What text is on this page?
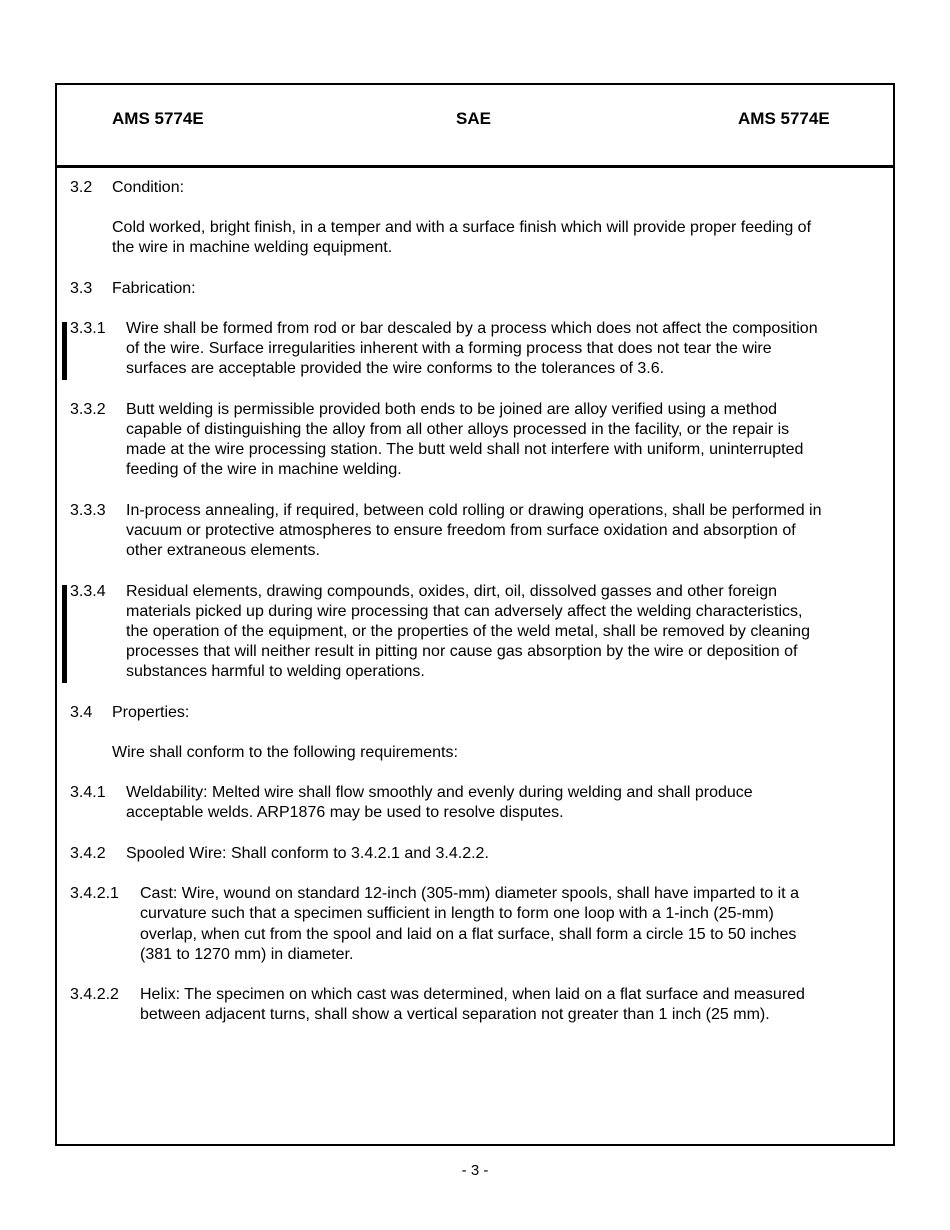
AMS 5774E	SAE	AMS 5774E
3.2 Condition:
Cold worked, bright finish, in a temper and with a surface finish which will provide proper feeding of
the wire in machine welding equipment.
3.3 Fabrication:
3.3.1 Wire shall be formed from rod or bar descaled by a process which does not affect the composition
of the wire. Surface irregularities inherent with a forming process that does not tear the wire
surfaces are acceptable provided the wire conforms to the tolerances of 3.6.
3.3.2 Butt welding is permissible provided both ends to be joined are alloy verified using a method
capable of distinguishing the alloy from all other alloys processed in the facility, or the repair is
made at the wire processing station. The butt weld shall not interfere with uniform, uninterrupted
feeding of the wire in machine welding.
3.3.3 In-process annealing, if required, between cold rolling or drawing operations, shall be performed in
vacuum or protective atmospheres to ensure freedom from surface oxidation and absorption of
other extraneous elements.
3.3.4 Residual elements, drawing compounds, oxides, dirt, oil, dissolved gasses and other foreign
materials picked up during wire processing that can adversely affect the welding characteristics,
the operation of the equipment, or the properties of the weld metal, shall be removed by cleaning
processes that will neither result in pitting nor cause gas absorption by the wire or deposition of
substances harmful to welding operations.
3.4 Properties:
Wire shall conform to the following requirements:
3.4.1 Weldability: Melted wire shall flow smoothly and evenly during welding and shall produce
acceptable welds. ARP1876 may be used to resolve disputes.
3.4.2 Spooled Wire: Shall conform to 3.4.2.1 and 3.4.2.2.
3.4.2.1 Cast: Wire, wound on standard 12-inch (305-mm) diameter spools, shall have imparted to it a
curvature such that a specimen sufficient in length to form one loop with a 1-inch (25-mm)
overlap, when cut from the spool and laid on a flat surface, shall form a circle 15 to 50 inches
(381 to 1270 mm) in diameter.
3.4.2.2 Helix: The specimen on which cast was determined, when laid on a flat surface and measured
between adjacent turns, shall show a vertical separation not greater than 1 inch (25 mm).
- 3 -
